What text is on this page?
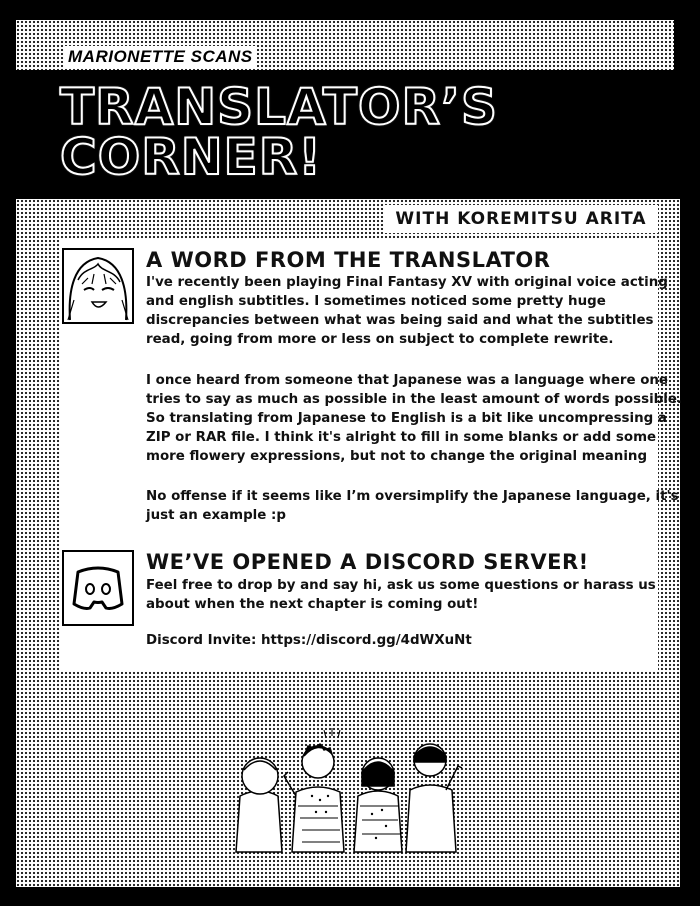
MARIONETTE SCANS
TRANSLATOR’S
CORNER!
WITH KOREMITSU ARITA
A WORD FROM THE TRANSLATOR
I've recently been playing Final Fantasy XV with original voice acting
and english subtitles. I sometimes noticed some pretty huge
discrepancies between what was being said and what the subtitles
read, going from more or less on subject to complete rewrite.
I once heard from someone that Japanese was a language where one
tries to say as much as possible in the least amount of words possible.
So translating from Japanese to English is a bit like uncompressing a
ZIP or RAR file. I think it's alright to fill in some blanks or add some
more flowery expressions, but not to change the original meaning
No offense if it seems like I’m oversimplify the Japanese language, it's
just an example :p
WE’VE OPENED A DISCORD SERVER!
Feel free to drop by and say hi, ask us some questions or harass us
about when the next chapter is coming out!
Discord Invite: https://discord.gg/4dWXuNt
